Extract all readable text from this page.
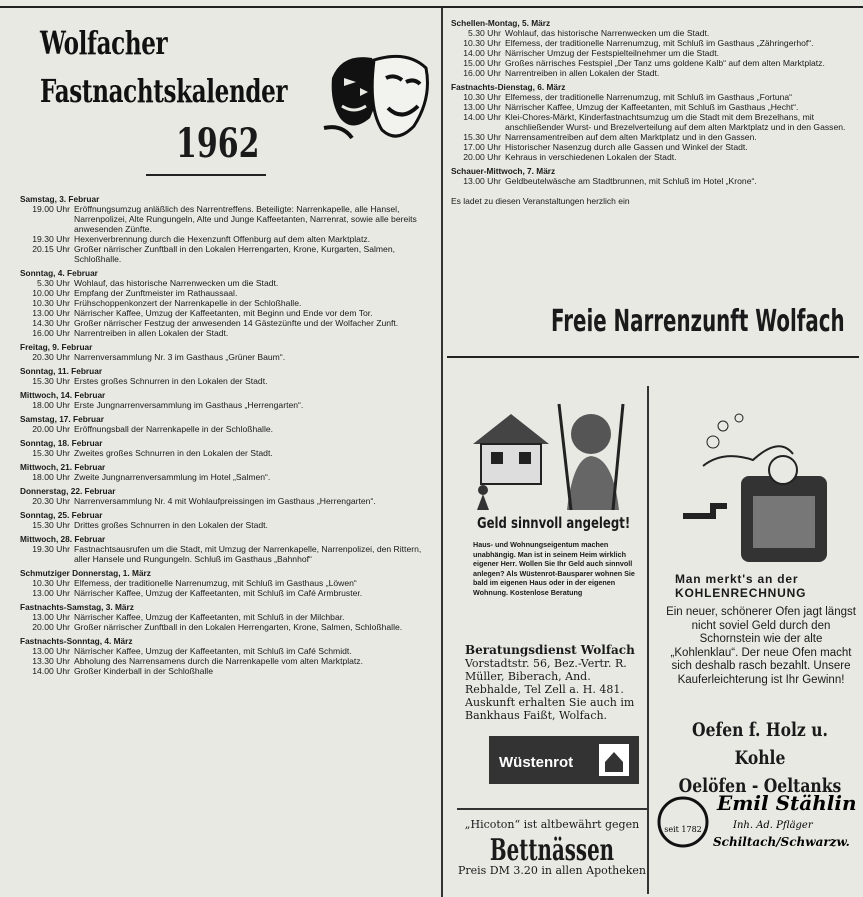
Wolfacher
Fastnachtskalender
1962
Samstag, 3. Februar
19.00 Uhr Eröffnungsumzug anläßlich des Narrentreffens. Beteiligte: Narrenkapelle, alle Hansel, Narrenpolizei, Alte Rungungeln, Alte und Junge Kaffeetanten, Narrenrat, sowie alle bereits anwesenden Zünfte.
19.30 Uhr Hexenverbrennung durch die Hexenzunft Offenburg auf dem alten Marktplatz.
20.15 Uhr Großer närrischer Zunftball in den Lokalen Herrengarten, Krone, Kurgarten, Salmen, Schloßhalle.
Sonntag, 4. Februar
5.30 Uhr Wohlauf, das historische Narrenwecken um die Stadt.
10.00 Uhr Empfang der Zunftmeister im Rathaussaal.
10.30 Uhr Frühschoppenkonzert der Narrenkapelle in der Schloßhalle.
13.00 Uhr Närrischer Kaffee, Umzug der Kaffeetanten, mit Beginn und Ende vor dem Tor.
14.30 Uhr Großer närrischer Festzug der anwesenden 14 Gästezünfte und der Wolfacher Zunft.
16.00 Uhr Narrentreiben in allen Lokalen der Stadt.
Freitag, 9. Februar
20.30 Uhr Narrenversammlung Nr. 3 im Gasthaus „Grüner Baum“.
Sonntag, 11. Februar
15.30 Uhr Erstes großes Schnurren in den Lokalen der Stadt.
Mittwoch, 14. Februar
18.00 Uhr Erste Jungnarrenversammlung im Gasthaus „Herrengarten“.
Samstag, 17. Februar
20.00 Uhr Eröffnungsball der Narrenkapelle in der Schloßhalle.
Sonntag, 18. Februar
15.30 Uhr Zweites großes Schnurren in den Lokalen der Stadt.
Mittwoch, 21. Februar
18.00 Uhr Zweite Jungnarrenversammlung im Hotel „Salmen“.
Donnerstag, 22. Februar
20.30 Uhr Narrenversammlung Nr. 4 mit Wohlaufpreissingen im Gasthaus „Herrengarten“.
Sonntag, 25. Februar
15.30 Uhr Drittes großes Schnurren in den Lokalen der Stadt.
Mittwoch, 28. Februar
19.30 Uhr Fastnachtsausrufen um die Stadt, mit Umzug der Narrenkapelle, Narrenpolizei, den Rittern, aller Hansele und Rungungeln. Schluß im Gasthaus „Bahnhof“
Schmutziger Donnerstag, 1. März
10.30 Uhr Elfemess, der traditionelle Narrenumzug, mit Schluß im Gasthaus „Löwen“
13.00 Uhr Närrischer Kaffee, Umzug der Kaffeetanten, mit Schluß im Café Armbruster.
Fastnachts-Samstag, 3. März
13.00 Uhr Närrischer Kaffee, Umzug der Kaffeetanten, mit Schluß in der Milchbar.
20.00 Uhr Großer närrischer Zunftball in den Lokalen Herrengarten, Krone, Salmen, Schloßhalle.
Fastnachts-Sonntag, 4. März
13.00 Uhr Närrischer Kaffee, Umzug der Kaffeetanten, mit Schluß im Café Schmidt.
13.30 Uhr Abholung des Narrensamens durch die Narrenkapelle vom alten Marktplatz.
14.00 Uhr Großer Kinderball in der Schloßhalle
Schellen-Montag, 5. März
5.30 Uhr Wohlauf, das historische Narrenwecken um die Stadt.
10.30 Uhr Elfemess, der traditionelle Narrenumzug, mit Schluß im Gasthaus „Zähringerhof“.
14.00 Uhr Närrischer Umzug der Festspielteilnehmer um die Stadt.
15.00 Uhr Großes närrisches Festspiel „Der Tanz ums goldene Kalb“ auf dem alten Marktplatz.
16.00 Uhr Narrentreiben in allen Lokalen der Stadt.
Fastnachts-Dienstag, 6. März
10.30 Uhr Elfemess, der traditionelle Narrenumzug, mit Schluß im Gasthaus „Fortuna“
13.00 Uhr Närrischer Kaffee, Umzug der Kaffeetanten, mit Schluß im Gasthaus „Hecht“.
14.00 Uhr Klei-Chores-Märkt, Kinderfastnachtsumzug um die Stadt mit dem Brezelhans, mit anschließender Wurst- und Brezelverteilung auf dem alten Marktplatz und in den Gassen.
15.30 Uhr Narrensamentreiben auf dem alten Marktplatz und in den Gassen.
17.00 Uhr Historischer Nasenzug durch alle Gassen und Winkel der Stadt.
20.00 Uhr Kehraus in verschiedenen Lokalen der Stadt.
Schauer-Mittwoch, 7. März
13.00 Uhr Geldbeutelwäsche am Stadtbrunnen, mit Schluß im Hotel „Krone“.
Es ladet zu diesen Veranstaltungen herzlich ein
Freie Narrenzunft Wolfach
Geld sinnvoll angelegt!
Haus- und Wohnungseigentum machen unabhängig. Man ist in seinem Heim wirklich eigener Herr. Wollen Sie Ihr Geld auch sinnvoll anlegen? Als Wüstenrot-Bausparer wohnen Sie bald im eigenen Haus oder in der eigenen Wohnung. Kostenlose Beratung
Beratungsdienst Wolfach
Vorstadtstr. 56, Bez.-Vertr. R. Müller, Biberach, And. Rebhalde, Tel Zell a. H. 481. Auskunft erhalten Sie auch im Bankhaus Faißt, Wolfach.
Wüstenrot
Man merkt's an der
KOHLENRECHNUNG
Ein neuer, schönerer Ofen jagt längst nicht soviel Geld durch den Schornstein wie der alte „Kohlenklau“. Der neue Ofen macht sich deshalb rasch bezahlt. Unsere Kauferleichterung ist Ihr Gewinn!
Oefen f. Holz u. Kohle
Oelöfen - Oeltanks
seit 1782
Emil Stählin
Inh. Ad. Pfläger
Schiltach/Schwarzw.
„Hicoton“ ist altbewährt gegen
Bettnässen
Preis DM 3.20 in allen Apotheken
